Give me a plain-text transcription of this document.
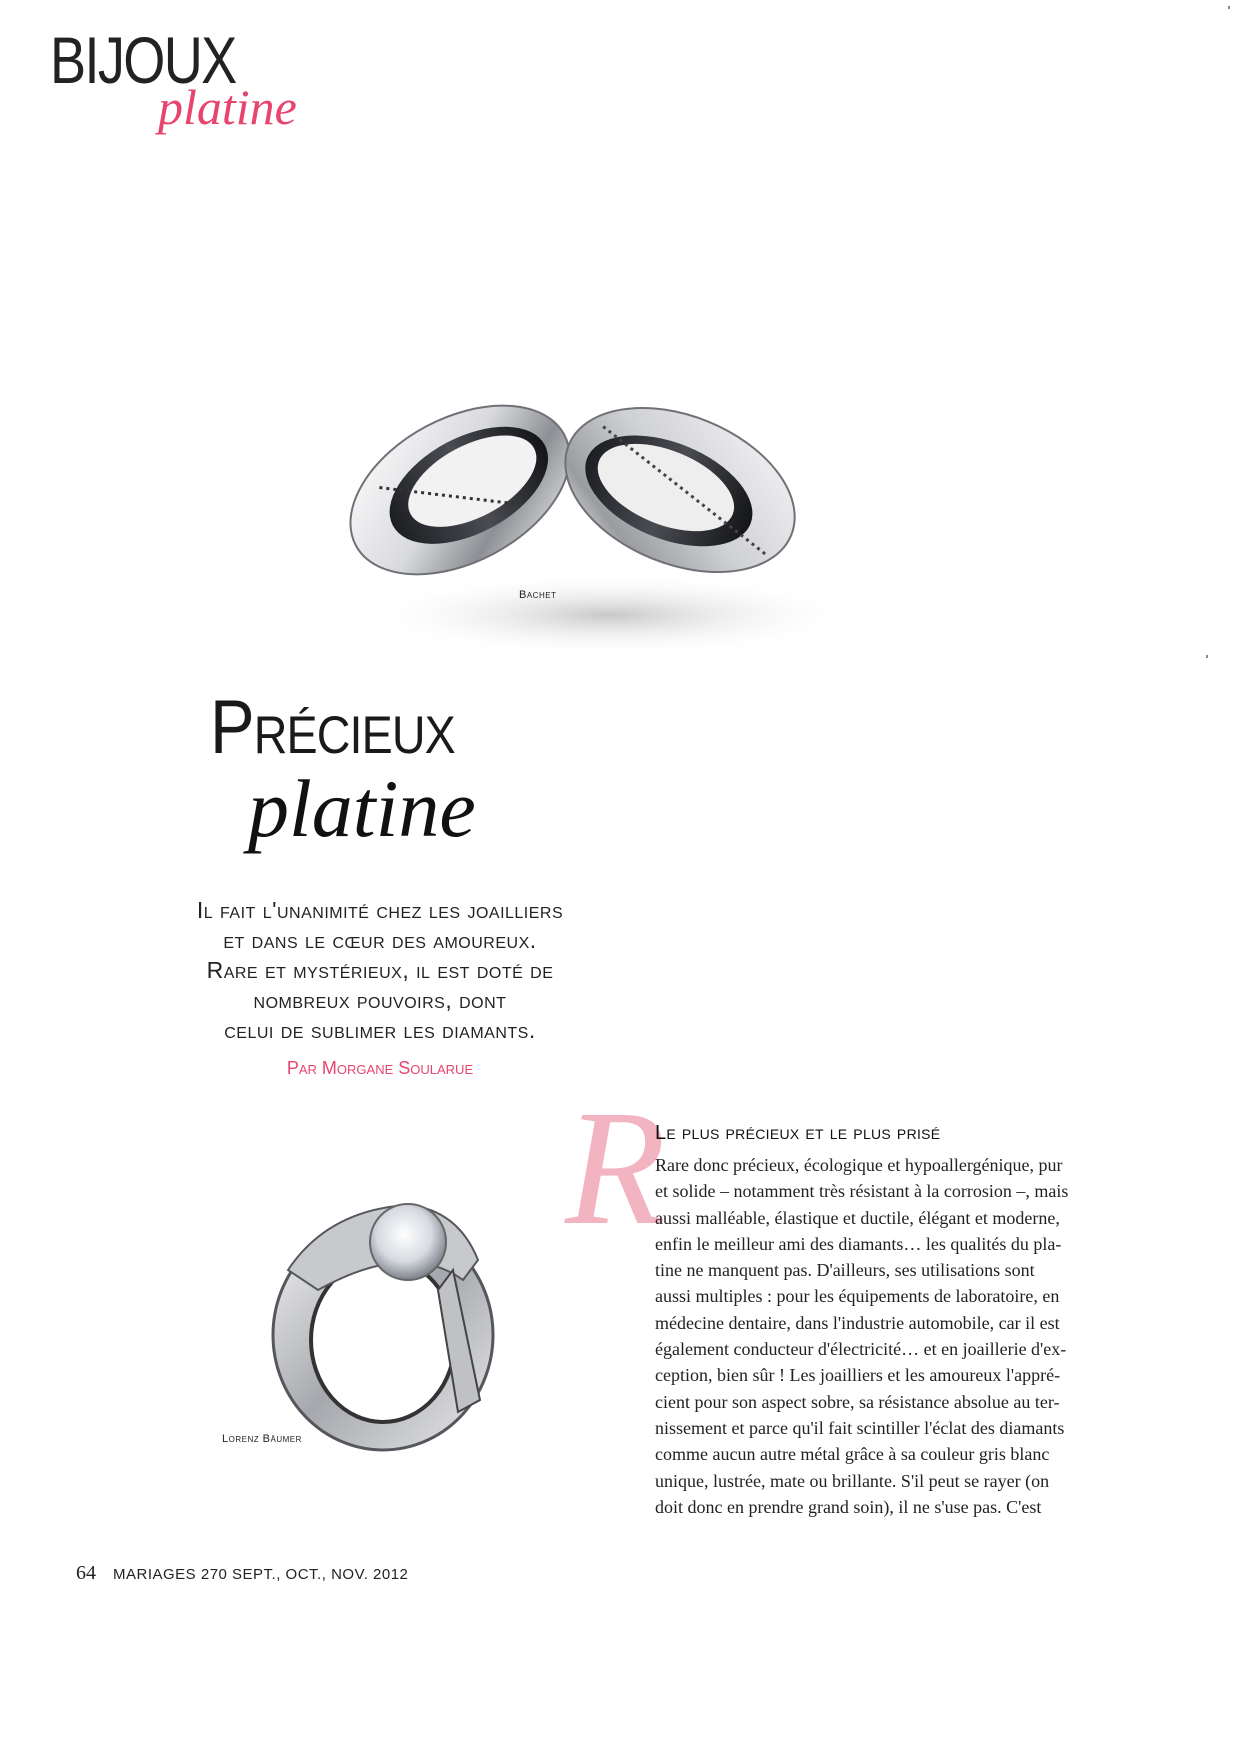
BIJOUX
platine
Bachet
Précieux
platine
Il fait l'unanimité chez les joailliers
et dans le cœur des amoureux.
Rare et mystérieux, il est doté de
nombreux pouvoirs, dont
celui de sublimer les diamants.
Par Morgane Soularue
Lorenz Bäumer
R
Le plus précieux et le plus prisé
Rare donc précieux, écologique et hypoallergénique, pur
et solide – notamment très résistant à la corrosion –, mais
aussi malléable, élastique et ductile, élégant et moderne,
enfin le meilleur ami des diamants… les qualités du pla-
tine ne manquent pas. D'ailleurs, ses utilisations sont
aussi multiples : pour les équipements de laboratoire, en
médecine dentaire, dans l'industrie automobile, car il est
également conducteur d'électricité… et en joaillerie d'ex-
ception, bien sûr ! Les joailliers et les amoureux l'appré-
cient pour son aspect sobre, sa résistance absolue au ter-
nissement et parce qu'il fait scintiller l'éclat des diamants
comme aucun autre métal grâce à sa couleur gris blanc
unique, lustrée, mate ou brillante. S'il peut se rayer (on
doit donc en prendre grand soin), il ne s'use pas. C'est
64 MARIAGES 270 SEPT., OCT., NOV. 2012
